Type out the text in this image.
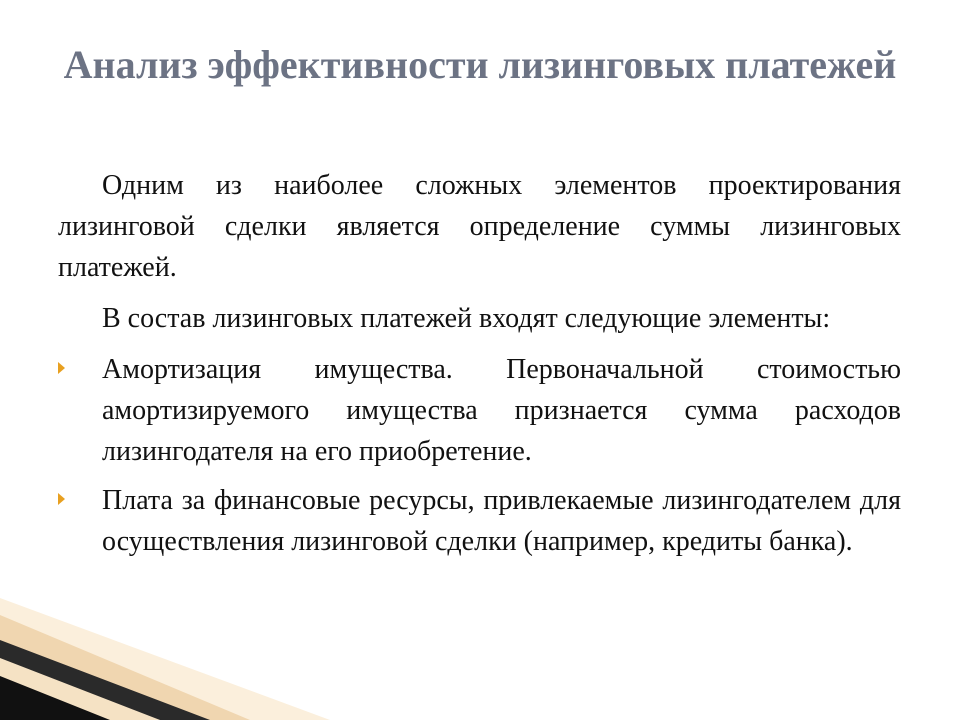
Анализ эффективности лизинговых платежей

Одним из наиболее сложных элементов проектирования лизинговой сделки является определение суммы лизинговых платежей.

В состав лизинговых платежей входят следующие элементы:

Амортизация имущества. Первоначальной стоимостью амортизируемого имущества признается сумма расходов лизингодателя на его приобретение.
Плата за финансовые ресурсы, привлекаемые лизингодателем для осуществления лизинговой сделки (например, кредиты банка).
